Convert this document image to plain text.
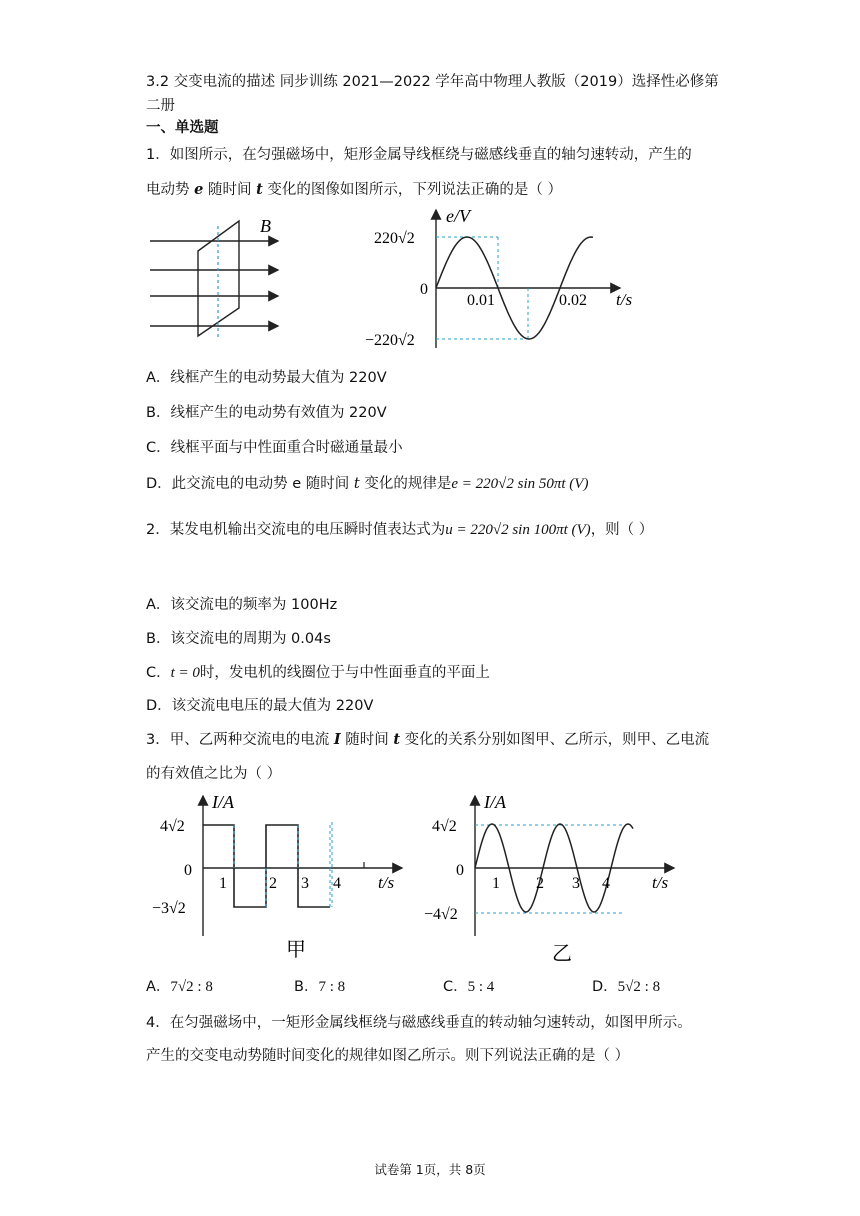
3.2 交变电流的描述 同步训练 2021—2022 学年高中物理人教版（2019）选择性必修第
二册
一、单选题
1．如图所示，在匀强磁场中，矩形金属导线框绕与磁感线垂直的轴匀速转动，产生的
电动势 e 随时间 t 变化的图像如图所示，下列说法正确的是（ ）
B	e/V
220√2
0
−220√2
0.01	0.02 t/s
A．线框产生的电动势最大值为 220V
B．线框产生的电动势有效值为 220V
C．线框平面与中性面重合时磁通量最小
D．此交流电的电动势 e 随时间 t 变化的规律是e = 220√2 sin 50πt (V)
2．某发电机输出交流电的电压瞬时值表达式为u = 220√2 sin 100πt (V)，则（ ）
A．该交流电的频率为 100Hz
B．该交流电的周期为 0.04s
C．t = 0时，发电机的线圈位于与中性面垂直的平面上
D．该交流电电压的最大值为 220V
3．甲、乙两种交流电的电流 I 随时间 t 变化的关系分别如图甲、乙所示，则甲、乙电流
的有效值之比为（ ）
I/A
4√2
0
−3√2
1	2 3 4 t/s
甲
I/A
4√2
0
−4√2
1 2 3 4 t/s
乙
A．7√2 : 8	B．7 : 8	C．5 : 4	D．5√2 : 8
4．在匀强磁场中，一矩形金属线框绕与磁感线垂直的转动轴匀速转动，如图甲所示。
产生的交变电动势随时间变化的规律如图乙所示。则下列说法正确的是（ ）
试卷第 1页，共 8页
